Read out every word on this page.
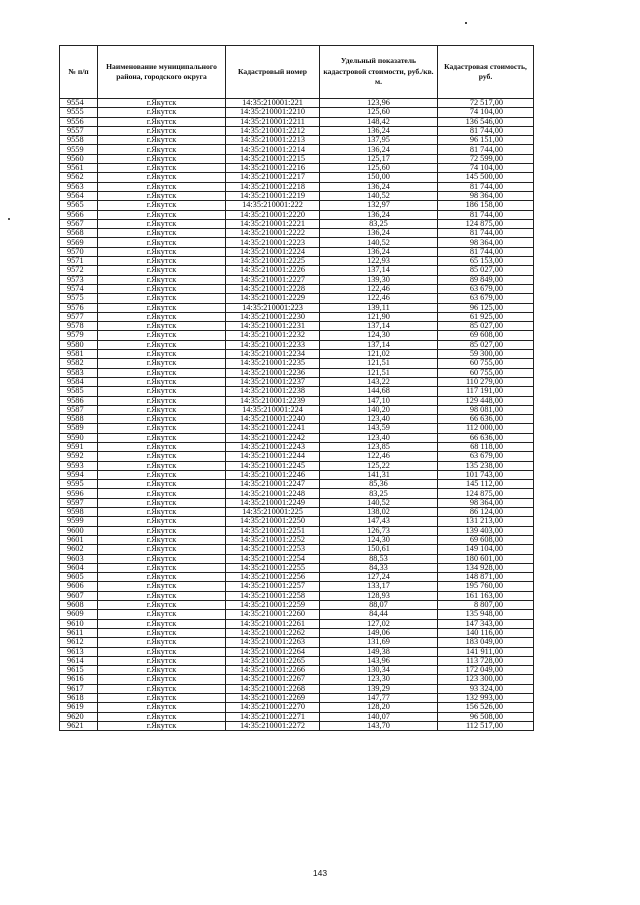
№ п/п	Наименование муниципального района, городского округа	Кадастровый номер	Удельный показатель кадастровой стоимости, руб./кв. м.	Кадастровая стоимость, руб.
9554	г.Якутск	14:35:210001:221	123,96	72 517,00
9555	г.Якутск	14:35:210001:2210	125,60	74 104,00
9556	г.Якутск	14:35:210001:2211	148,42	136 546,00
9557	г.Якутск	14:35:210001:2212	136,24	81 744,00
9558	г.Якутск	14:35:210001:2213	137,95	96 151,00
9559	г.Якутск	14:35:210001:2214	136,24	81 744,00
9560	г.Якутск	14:35:210001:2215	125,17	72 599,00
9561	г.Якутск	14:35:210001:2216	125,60	74 104,00
9562	г.Якутск	14:35:210001:2217	150,00	145 500,00
9563	г.Якутск	14:35:210001:2218	136,24	81 744,00
9564	г.Якутск	14:35:210001:2219	140,52	98 364,00
9565	г.Якутск	14:35:210001:222	132,97	186 158,00
9566	г.Якутск	14:35:210001:2220	136,24	81 744,00
9567	г.Якутск	14:35:210001:2221	83,25	124 875,00
9568	г.Якутск	14:35:210001:2222	136,24	81 744,00
9569	г.Якутск	14:35:210001:2223	140,52	98 364,00
9570	г.Якутск	14:35:210001:2224	136,24	81 744,00
9571	г.Якутск	14:35:210001:2225	122,93	65 153,00
9572	г.Якутск	14:35:210001:2226	137,14	85 027,00
9573	г.Якутск	14:35:210001:2227	139,30	89 849,00
9574	г.Якутск	14:35:210001:2228	122,46	63 679,00
9575	г.Якутск	14:35:210001:2229	122,46	63 679,00
9576	г.Якутск	14:35:210001:223	139,11	96 125,00
9577	г.Якутск	14:35:210001:2230	121,90	61 925,00
9578	г.Якутск	14:35:210001:2231	137,14	85 027,00
9579	г.Якутск	14:35:210001:2232	124,30	69 608,00
9580	г.Якутск	14:35:210001:2233	137,14	85 027,00
9581	г.Якутск	14:35:210001:2234	121,02	59 300,00
9582	г.Якутск	14:35:210001:2235	121,51	60 755,00
9583	г.Якутск	14:35:210001:2236	121,51	60 755,00
9584	г.Якутск	14:35:210001:2237	143,22	110 279,00
9585	г.Якутск	14:35:210001:2238	144,68	117 191,00
9586	г.Якутск	14:35:210001:2239	147,10	129 448,00
9587	г.Якутск	14:35:210001:224	140,20	98 081,00
9588	г.Якутск	14:35:210001:2240	123,40	66 636,00
9589	г.Якутск	14:35:210001:2241	143,59	112 000,00
9590	г.Якутск	14:35:210001:2242	123,40	66 636,00
9591	г.Якутск	14:35:210001:2243	123,85	68 118,00
9592	г.Якутск	14:35:210001:2244	122,46	63 679,00
9593	г.Якутск	14:35:210001:2245	125,22	135 238,00
9594	г.Якутск	14:35:210001:2246	141,31	101 743,00
9595	г.Якутск	14:35:210001:2247	85,36	145 112,00
9596	г.Якутск	14:35:210001:2248	83,25	124 875,00
9597	г.Якутск	14:35:210001:2249	140,52	98 364,00
9598	г.Якутск	14:35:210001:225	138,02	86 124,00
9599	г.Якутск	14:35:210001:2250	147,43	131 213,00
9600	г.Якутск	14:35:210001:2251	126,73	139 403,00
9601	г.Якутск	14:35:210001:2252	124,30	69 608,00
9602	г.Якутск	14:35:210001:2253	150,61	149 104,00
9603	г.Якутск	14:35:210001:2254	88,53	180 601,00
9604	г.Якутск	14:35:210001:2255	84,33	134 928,00
9605	г.Якутск	14:35:210001:2256	127,24	148 871,00
9606	г.Якутск	14:35:210001:2257	133,17	195 760,00
9607	г.Якутск	14:35:210001:2258	128,93	161 163,00
9608	г.Якутск	14:35:210001:2259	88,07	8 807,00
9609	г.Якутск	14:35:210001:2260	84,44	135 948,00
9610	г.Якутск	14:35:210001:2261	127,02	147 343,00
9611	г.Якутск	14:35:210001:2262	149,06	140 116,00
9612	г.Якутск	14:35:210001:2263	131,69	183 049,00
9613	г.Якутск	14:35:210001:2264	149,38	141 911,00
9614	г.Якутск	14:35:210001:2265	143,96	113 728,00
9615	г.Якутск	14:35:210001:2266	130,34	172 049,00
9616	г.Якутск	14:35:210001:2267	123,30	123 300,00
9617	г.Якутск	14:35:210001:2268	139,29	93 324,00
9618	г.Якутск	14:35:210001:2269	147,77	132 993,00
9619	г.Якутск	14:35:210001:2270	128,20	156 526,00
9620	г.Якутск	14:35:210001:2271	140,07	96 508,00
9621	г.Якутск	14:35:210001:2272	143,70	112 517,00
143
